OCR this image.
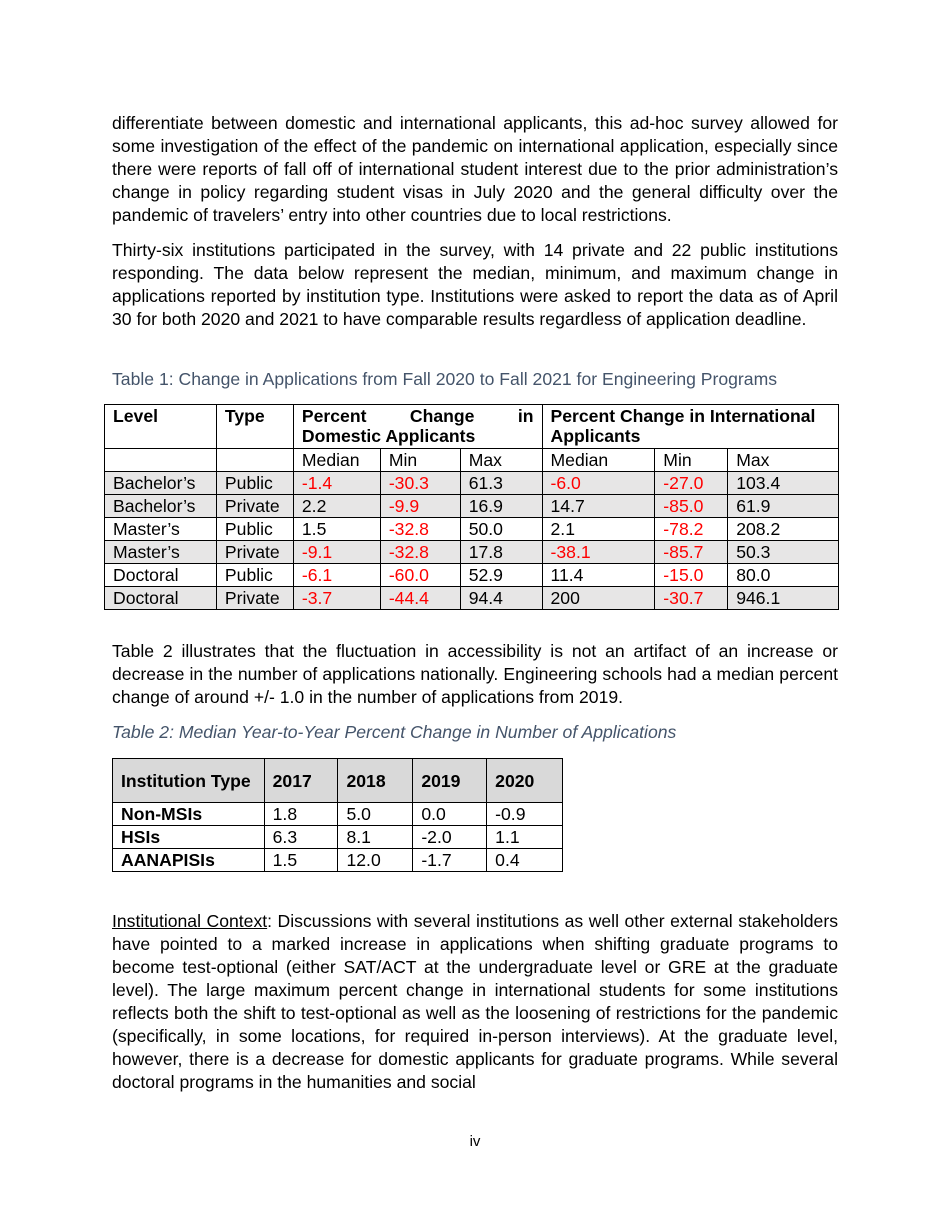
differentiate between domestic and international applicants, this ad-hoc survey allowed for some investigation of the effect of the pandemic on international application, especially since there were reports of fall off of international student interest due to the prior administration’s change in policy regarding student visas in July 2020 and the general difficulty over the pandemic of travelers’ entry into other countries due to local restrictions.

Thirty-six institutions participated in the survey, with 14 private and 22 public institutions responding. The data below represent the median, minimum, and maximum change in applications reported by institution type. Institutions were asked to report the data as of April 30 for both 2020 and 2021 to have comparable results regardless of application deadline.

Table 1: Change in Applications from Fall 2020 to Fall 2021 for Engineering Programs

Level	Type	Percent Change in Domestic Applicants			Percent Change in International Applicants		
		Median	Min	Max	Median	Min	Max
Bachelor’s	Public	-1.4	-30.3	61.3	-6.0	-27.0	103.4
Bachelor’s	Private	2.2	-9.9	16.9	14.7	-85.0	61.9
Master’s	Public	1.5	-32.8	50.0	2.1	-78.2	208.2
Master’s	Private	-9.1	-32.8	17.8	-38.1	-85.7	50.3
Doctoral	Public	-6.1	-60.0	52.9	11.4	-15.0	80.0
Doctoral	Private	-3.7	-44.4	94.4	200	-30.7	946.1

Table 2 illustrates that the fluctuation in accessibility is not an artifact of an increase or decrease in the number of applications nationally. Engineering schools had a median percent change of around +/- 1.0 in the number of applications from 2019.

Table 2: Median Year-to-Year Percent Change in Number of Applications

Institution Type	2017	2018	2019	2020
Non-MSIs	1.8	5.0	0.0	-0.9
HSIs	6.3	8.1	-2.0	1.1
AANAPISIs	1.5	12.0	-1.7	0.4

Institutional Context: Discussions with several institutions as well other external stakeholders have pointed to a marked increase in applications when shifting graduate programs to become test-optional (either SAT/ACT at the undergraduate level or GRE at the graduate level). The large maximum percent change in international students for some institutions reflects both the shift to test-optional as well as the loosening of restrictions for the pandemic (specifically, in some locations, for required in-person interviews). At the graduate level, however, there is a decrease for domestic applicants for graduate programs. While several doctoral programs in the humanities and social

iv
